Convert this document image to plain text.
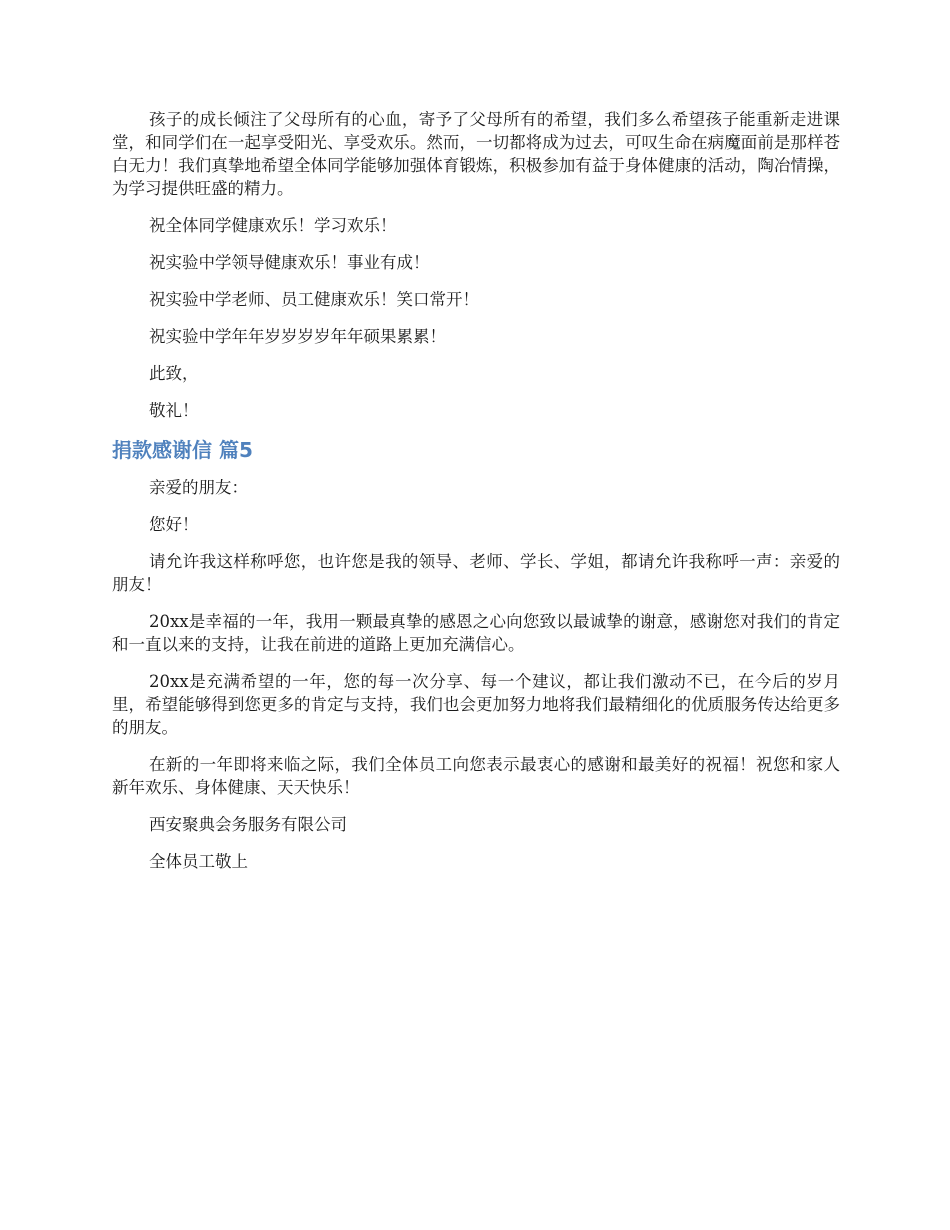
孩子的成长倾注了父母所有的心血，寄予了父母所有的希望，我们多么希望孩子能重新走进课堂，和同学们在一起享受阳光、享受欢乐。然而，一切都将成为过去，可叹生命在病魔面前是那样苍白无力！我们真挚地希望全体同学能够加强体育锻炼，积极参加有益于身体健康的活动，陶冶情操，为学习提供旺盛的精力。

祝全体同学健康欢乐！学习欢乐！

祝实验中学领导健康欢乐！事业有成！

祝实验中学老师、员工健康欢乐！笑口常开！

祝实验中学年年岁岁岁岁年年硕果累累！

此致，

敬礼！

捐款感谢信 篇5

亲爱的朋友：

您好！

请允许我这样称呼您，也许您是我的领导、老师、学长、学姐，都请允许我称呼一声：亲爱的朋友！

20xx是幸福的一年，我用一颗最真挚的感恩之心向您致以最诚挚的谢意，感谢您对我们的肯定和一直以来的支持，让我在前进的道路上更加充满信心。

20xx是充满希望的一年，您的每一次分享、每一个建议，都让我们激动不已，在今后的岁月里，希望能够得到您更多的肯定与支持，我们也会更加努力地将我们最精细化的优质服务传达给更多的朋友。

在新的一年即将来临之际，我们全体员工向您表示最衷心的感谢和最美好的祝福！祝您和家人新年欢乐、身体健康、天天快乐！

西安聚典会务服务有限公司

全体员工敬上
